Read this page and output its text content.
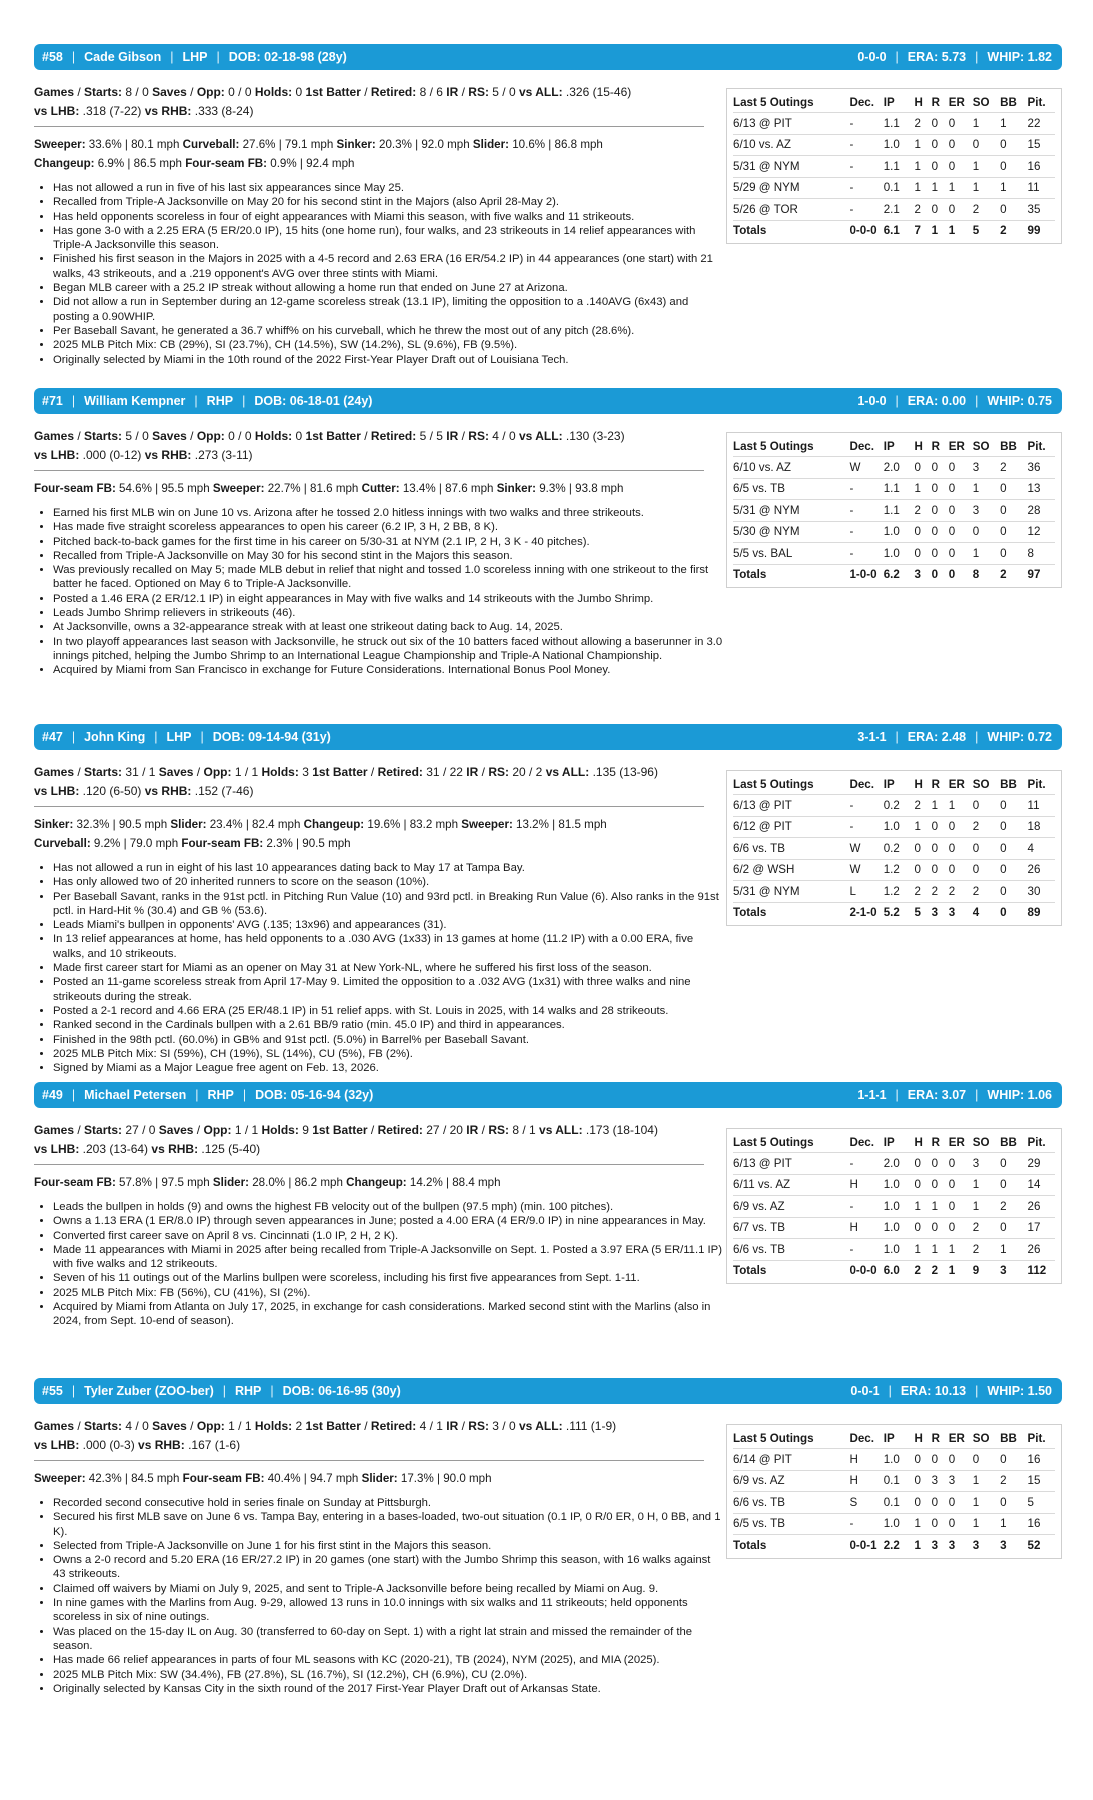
#58 | Cade Gibson | LHP | DOB: 02-18-98 (28y)	0-0-0 | ERA: 5.73 | WHIP: 1.82
Games / Starts: 8 / 0 Saves / Opp: 0 / 0 Holds: 0 1st Batter / Retired: 8 / 6 IR / RS: 5 / 0 vs ALL: .326 (15-46)
vs LHB: .318 (7-22) vs RHB: .333 (8-24)
Sweeper: 33.6% | 80.1 mph Curveball: 27.6% | 79.1 mph Sinker: 20.3% | 92.0 mph Slider: 10.6% | 86.8 mph
Changeup: 6.9% | 86.5 mph Four-seam FB: 0.9% | 92.4 mph
• Has not allowed a run in five of his last six appearances since May 25.
• Recalled from Triple-A Jacksonville on May 20 for his second stint in the Majors (also April 28-May 2).
• Has held opponents scoreless in four of eight appearances with Miami this season, with five walks and 11 strikeouts.
• Has gone 3-0 with a 2.25 ERA (5 ER/20.0 IP), 15 hits (one home run), four walks, and 23 strikeouts in 14 relief appearances with Triple-A Jacksonville this season.
• Finished his first season in the Majors in 2025 with a 4-5 record and 2.63 ERA (16 ER/54.2 IP) in 44 appearances (one start) with 21 walks, 43 strikeouts, and a .219 opponent's AVG over three stints with Miami.
• Began MLB career with a 25.2 IP streak without allowing a home run that ended on June 27 at Arizona.
• Did not allow a run in September during an 12-game scoreless streak (13.1 IP), limiting the opposition to a .140AVG (6x43) and posting a 0.90WHIP.
• Per Baseball Savant, he generated a 36.7 whiff% on his curveball, which he threw the most out of any pitch (28.6%).
• 2025 MLB Pitch Mix: CB (29%), SI (23.7%), CH (14.5%), SW (14.2%), SL (9.6%), FB (9.5%).
• Originally selected by Miami in the 10th round of the 2022 First-Year Player Draft out of Louisiana Tech.
Last 5 Outings	Dec.	IP	H	R	ER	SO	BB	Pit.
6/13 @ PIT	-	1.1	2	0	0	1	1	22
6/10 vs. AZ	-	1.0	1	0	0	0	0	15
5/31 @ NYM	-	1.1	1	0	0	1	0	16
5/29 @ NYM	-	0.1	1	1	1	1	1	11
5/26 @ TOR	-	2.1	2	0	0	2	0	35
Totals	0-0-0	6.1	7	1	1	5	2	99
#71 | William Kempner | RHP | DOB: 06-18-01 (24y)	1-0-0 | ERA: 0.00 | WHIP: 0.75
Games / Starts: 5 / 0 Saves / Opp: 0 / 0 Holds: 0 1st Batter / Retired: 5 / 5 IR / RS: 4 / 0 vs ALL: .130 (3-23)
vs LHB: .000 (0-12) vs RHB: .273 (3-11)
Four-seam FB: 54.6% | 95.5 mph Sweeper: 22.7% | 81.6 mph Cutter: 13.4% | 87.6 mph Sinker: 9.3% | 93.8 mph
• Earned his first MLB win on June 10 vs. Arizona after he tossed 2.0 hitless innings with two walks and three strikeouts.
• Has made five straight scoreless appearances to open his career (6.2 IP, 3 H, 2 BB, 8 K).
• Pitched back-to-back games for the first time in his career on 5/30-31 at NYM (2.1 IP, 2 H, 3 K - 40 pitches).
• Recalled from Triple-A Jacksonville on May 30 for his second stint in the Majors this season.
• Was previously recalled on May 5; made MLB debut in relief that night and tossed 1.0 scoreless inning with one strikeout to the first batter he faced. Optioned on May 6 to Triple-A Jacksonville.
• Posted a 1.46 ERA (2 ER/12.1 IP) in eight appearances in May with five walks and 14 strikeouts with the Jumbo Shrimp.
• Leads Jumbo Shrimp relievers in strikeouts (46).
• At Jacksonville, owns a 32-appearance streak with at least one strikeout dating back to Aug. 14, 2025.
• In two playoff appearances last season with Jacksonville, he struck out six of the 10 batters faced without allowing a baserunner in 3.0 innings pitched, helping the Jumbo Shrimp to an International League Championship and Triple-A National Championship.
• Acquired by Miami from San Francisco in exchange for Future Considerations. International Bonus Pool Money.
Last 5 Outings	Dec.	IP	H	R	ER	SO	BB	Pit.
6/10 vs. AZ	W	2.0	0	0	0	3	2	36
6/5 vs. TB	-	1.1	1	0	0	1	0	13
5/31 @ NYM	-	1.1	2	0	0	3	0	28
5/30 @ NYM	-	1.0	0	0	0	0	0	12
5/5 vs. BAL	-	1.0	0	0	0	1	0	8
Totals	1-0-0	6.2	3	0	0	8	2	97
#47 | John King | LHP | DOB: 09-14-94 (31y)	3-1-1 | ERA: 2.48 | WHIP: 0.72
Games / Starts: 31 / 1 Saves / Opp: 1 / 1 Holds: 3 1st Batter / Retired: 31 / 22 IR / RS: 20 / 2 vs ALL: .135 (13-96)
vs LHB: .120 (6-50) vs RHB: .152 (7-46)
Sinker: 32.3% | 90.5 mph Slider: 23.4% | 82.4 mph Changeup: 19.6% | 83.2 mph Sweeper: 13.2% | 81.5 mph
Curveball: 9.2% | 79.0 mph Four-seam FB: 2.3% | 90.5 mph
• Has not allowed a run in eight of his last 10 appearances dating back to May 17 at Tampa Bay.
• Has only allowed two of 20 inherited runners to score on the season (10%).
• Per Baseball Savant, ranks in the 91st pctl. in Pitching Run Value (10) and 93rd pctl. in Breaking Run Value (6). Also ranks in the 91st pctl. in Hard-Hit % (30.4) and GB % (53.6).
• Leads Miami's bullpen in opponents' AVG (.135; 13x96) and appearances (31).
• In 13 relief appearances at home, has held opponents to a .030 AVG (1x33) in 13 games at home (11.2 IP) with a 0.00 ERA, five walks, and 10 strikeouts.
• Made first career start for Miami as an opener on May 31 at New York-NL, where he suffered his first loss of the season.
• Posted an 11-game scoreless streak from April 17-May 9. Limited the opposition to a .032 AVG (1x31) with three walks and nine strikeouts during the streak.
• Posted a 2-1 record and 4.66 ERA (25 ER/48.1 IP) in 51 relief apps. with St. Louis in 2025, with 14 walks and 28 strikeouts.
• Ranked second in the Cardinals bullpen with a 2.61 BB/9 ratio (min. 45.0 IP) and third in appearances.
• Finished in the 98th pctl. (60.0%) in GB% and 91st pctl. (5.0%) in Barrel% per Baseball Savant.
• 2025 MLB Pitch Mix: SI (59%), CH (19%), SL (14%), CU (5%), FB (2%).
• Signed by Miami as a Major League free agent on Feb. 13, 2026.
Last 5 Outings	Dec.	IP	H	R	ER	SO	BB	Pit.
6/13 @ PIT	-	0.2	2	1	1	0	0	11
6/12 @ PIT	-	1.0	1	0	0	2	0	18
6/6 vs. TB	W	0.2	0	0	0	0	0	4
6/2 @ WSH	W	1.2	0	0	0	0	0	26
5/31 @ NYM	L	1.2	2	2	2	2	0	30
Totals	2-1-0	5.2	5	3	3	4	0	89
#49 | Michael Petersen | RHP | DOB: 05-16-94 (32y)	1-1-1 | ERA: 3.07 | WHIP: 1.06
Games / Starts: 27 / 0 Saves / Opp: 1 / 1 Holds: 9 1st Batter / Retired: 27 / 20 IR / RS: 8 / 1 vs ALL: .173 (18-104)
vs LHB: .203 (13-64) vs RHB: .125 (5-40)
Four-seam FB: 57.8% | 97.5 mph Slider: 28.0% | 86.2 mph Changeup: 14.2% | 88.4 mph
• Leads the bullpen in holds (9) and owns the highest FB velocity out of the bullpen (97.5 mph) (min. 100 pitches).
• Owns a 1.13 ERA (1 ER/8.0 IP) through seven appearances in June; posted a 4.00 ERA (4 ER/9.0 IP) in nine appearances in May.
• Converted first career save on April 8 vs. Cincinnati (1.0 IP, 2 H, 2 K).
• Made 11 appearances with Miami in 2025 after being recalled from Triple-A Jacksonville on Sept. 1. Posted a 3.97 ERA (5 ER/11.1 IP) with five walks and 12 strikeouts.
• Seven of his 11 outings out of the Marlins bullpen were scoreless, including his first five appearances from Sept. 1-11.
• 2025 MLB Pitch Mix: FB (56%), CU (41%), SI (2%).
• Acquired by Miami from Atlanta on July 17, 2025, in exchange for cash considerations. Marked second stint with the Marlins (also in 2024, from Sept. 10-end of season).
Last 5 Outings	Dec.	IP	H	R	ER	SO	BB	Pit.
6/13 @ PIT	-	2.0	0	0	0	3	0	29
6/11 vs. AZ	H	1.0	0	0	0	1	0	14
6/9 vs. AZ	-	1.0	1	1	0	1	2	26
6/7 vs. TB	H	1.0	0	0	0	2	0	17
6/6 vs. TB	-	1.0	1	1	1	2	1	26
Totals	0-0-0	6.0	2	2	1	9	3	112
#55 | Tyler Zuber (ZOO-ber) | RHP | DOB: 06-16-95 (30y)	0-0-1 | ERA: 10.13 | WHIP: 1.50
Games / Starts: 4 / 0 Saves / Opp: 1 / 1 Holds: 2 1st Batter / Retired: 4 / 1 IR / RS: 3 / 0 vs ALL: .111 (1-9)
vs LHB: .000 (0-3) vs RHB: .167 (1-6)
Sweeper: 42.3% | 84.5 mph Four-seam FB: 40.4% | 94.7 mph Slider: 17.3% | 90.0 mph
• Recorded second consecutive hold in series finale on Sunday at Pittsburgh.
• Secured his first MLB save on June 6 vs. Tampa Bay, entering in a bases-loaded, two-out situation (0.1 IP, 0 R/0 ER, 0 H, 0 BB, and 1 K).
• Selected from Triple-A Jacksonville on June 1 for his first stint in the Majors this season.
• Owns a 2-0 record and 5.20 ERA (16 ER/27.2 IP) in 20 games (one start) with the Jumbo Shrimp this season, with 16 walks against 43 strikeouts.
• Claimed off waivers by Miami on July 9, 2025, and sent to Triple-A Jacksonville before being recalled by Miami on Aug. 9.
• In nine games with the Marlins from Aug. 9-29, allowed 13 runs in 10.0 innings with six walks and 11 strikeouts; held opponents scoreless in six of nine outings.
• Was placed on the 15-day IL on Aug. 30 (transferred to 60-day on Sept. 1) with a right lat strain and missed the remainder of the season.
• Has made 66 relief appearances in parts of four ML seasons with KC (2020-21), TB (2024), NYM (2025), and MIA (2025).
• 2025 MLB Pitch Mix: SW (34.4%), FB (27.8%), SL (16.7%), SI (12.2%), CH (6.9%), CU (2.0%).
• Originally selected by Kansas City in the sixth round of the 2017 First-Year Player Draft out of Arkansas State.
Last 5 Outings	Dec.	IP	H	R	ER	SO	BB	Pit.
6/14 @ PIT	H	1.0	0	0	0	0	0	16
6/9 vs. AZ	H	0.1	0	3	3	1	2	15
6/6 vs. TB	S	0.1	0	0	0	1	0	5
6/5 vs. TB	-	1.0	1	0	0	1	1	16
Totals	0-0-1	2.2	1	3	3	3	3	52
